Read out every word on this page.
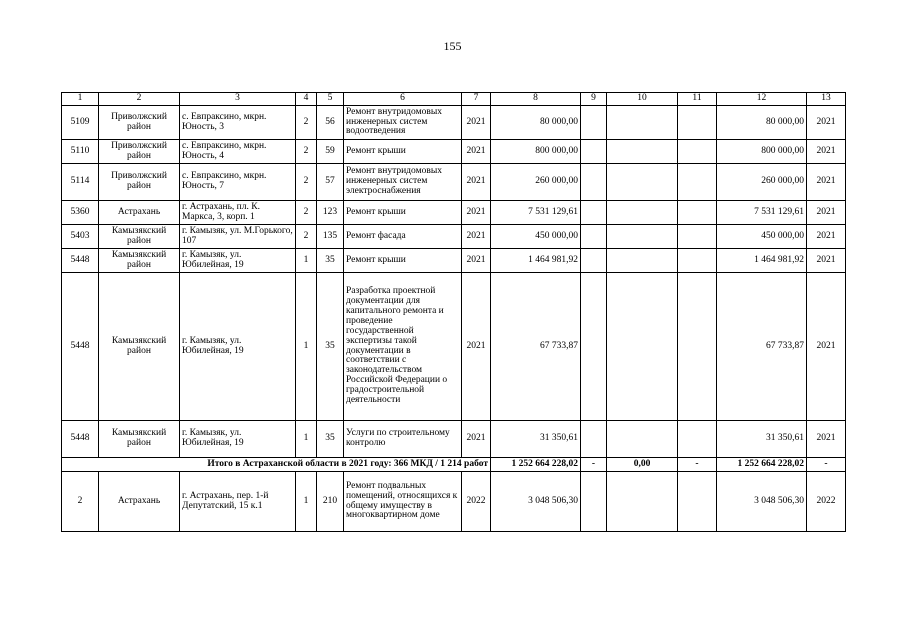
155
1	2	3	4	5	6	7	8	9	10	11	12	13
5109	Приволжский район	с. Евпраксино, мкрн. Юность, 3	2	56	Ремонт внутридомовых инженерных систем водоотведения	2021	80 000,00				80 000,00	2021
5110	Приволжский район	с. Евпраксино, мкрн. Юность, 4	2	59	Ремонт крыши	2021	800 000,00				800 000,00	2021
5114	Приволжский район	с. Евпраксино, мкрн. Юность, 7	2	57	Ремонт внутридомовых инженерных систем электроснабжения	2021	260 000,00				260 000,00	2021
5360	Астрахань	г. Астрахань, пл. К. Маркса, 3, корп. 1	2	123	Ремонт крыши	2021	7 531 129,61				7 531 129,61	2021
5403	Камызякский район	г. Камызяк, ул. М.Горького, 107	2	135	Ремонт фасада	2021	450 000,00				450 000,00	2021
5448	Камызякский район	г. Камызяк, ул. Юбилейная, 19	1	35	Ремонт крыши	2021	1 464 981,92				1 464 981,92	2021
5448	Камызякский район	г. Камызяк, ул. Юбилейная, 19	1	35	Разработка проектной документации для капитального ремонта и проведение государственной экспертизы такой документации в соответствии с законодательством Российской Федерации о градостроительной деятельности	2021	67 733,87				67 733,87	2021
5448	Камызякский район	г. Камызяк, ул. Юбилейная, 19	1	35	Услуги по строительному контролю	2021	31 350,61				31 350,61	2021
Итого в Астраханской области в 2021 году: 366 МКД / 1 214 работ							1 252 664 228,02	-	0,00	-	1 252 664 228,02	-
2	Астрахань	г. Астрахань, пер. 1-й Депутатский, 15 к.1	1	210	Ремонт подвальных помещений, относящихся к общему имуществу в многоквартирном доме	2022	3 048 506,30				3 048 506,30	2022
